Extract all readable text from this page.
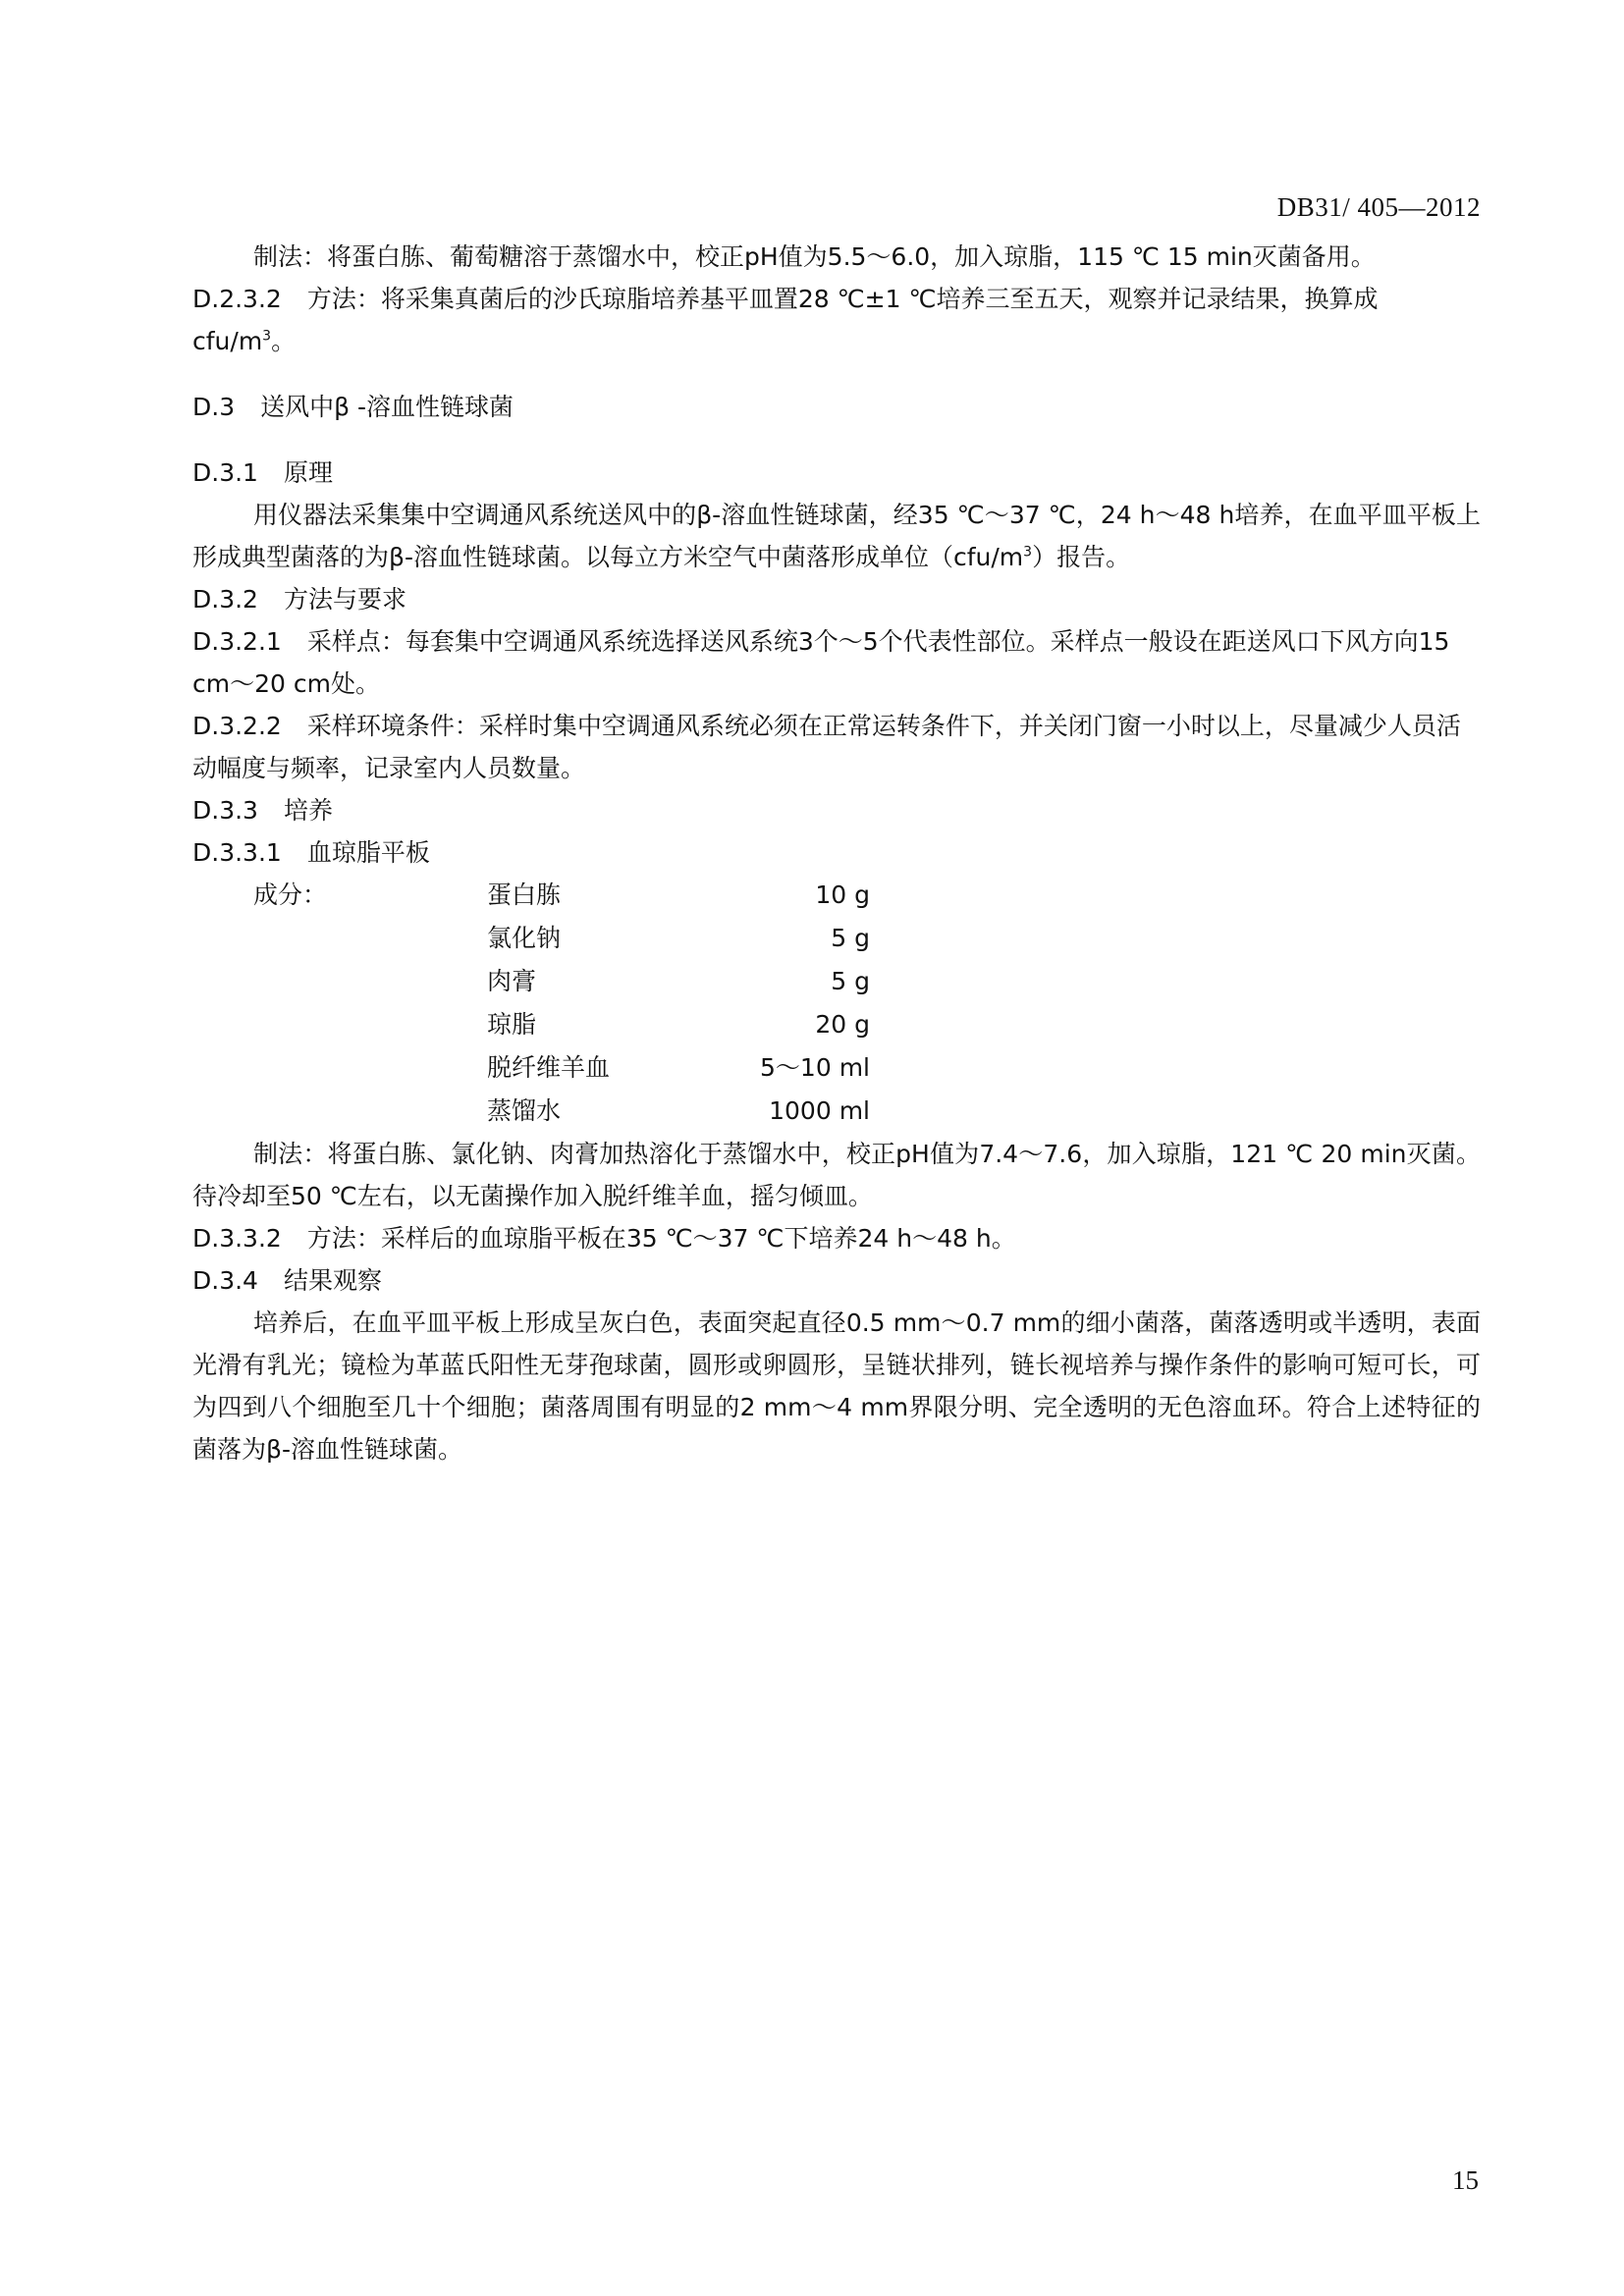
DB31/ 405—2012

制法：将蛋白胨、葡萄糖溶于蒸馏水中，校正pH值为5.5～6.0，加入琼脂，115 ℃ 15 min灭菌备用。

D.2.3.2 方法：将采集真菌后的沙氏琼脂培养基平皿置28 ℃±1 ℃培养三至五天，观察并记录结果，换算成cfu/$m^3$。

D.3 送风中β -溶血性链球菌

D.3.1 原理

用仪器法采集集中空调通风系统送风中的β-溶血性链球菌，经35 ℃～37 ℃，24 h～48 h培养，在血平皿平板上形成典型菌落的为β-溶血性链球菌。以每立方米空气中菌落形成单位$(cfu/m^3)$报告。

D.3.2 方法与要求

D.3.2.1 采样点：每套集中空调通风系统选择送风系统3个～5个代表性部位。采样点一般设在距送风口下风方向15 cm～20 cm处。

D.3.2.2 采样环境条件：采样时集中空调通风系统必须在正常运转条件下，并关闭门窗一小时以上，尽量减少人员活动幅度与频率，记录室内人员数量。

D.3.3 培养

D.3.3.1 血琼脂平板

成分：	蛋白胨	10 g
氯化钠	5 g
肉膏	5 g
琼脂	20 g
脱纤维羊血	5～10 ml
蒸馏水	1000 ml

制法：将蛋白胨、氯化钠、肉膏加热溶化于蒸馏水中，校正pH值为7.4～7.6，加入琼脂，121 ℃ 20 min灭菌。待冷却至50 ℃左右，以无菌操作加入脱纤维羊血，摇匀倾皿。

D.3.3.2 方法：采样后的血琼脂平板在35 ℃～37 ℃下培养24 h～48 h。

D.3.4 结果观察

培养后，在血平皿平板上形成呈灰白色，表面突起直径0.5 mm～0.7 mm的细小菌落，菌落透明或半透明，表面光滑有乳光；镜检为革蓝氏阳性无芽孢球菌，圆形或卵圆形，呈链状排列，链长视培养与操作条件的影响可短可长，可为四到八个细胞至几十个细胞；菌落周围有明显的2 mm～4 mm界限分明、完全透明的无色溶血环。符合上述特征的菌落为β-溶血性链球菌。

15
